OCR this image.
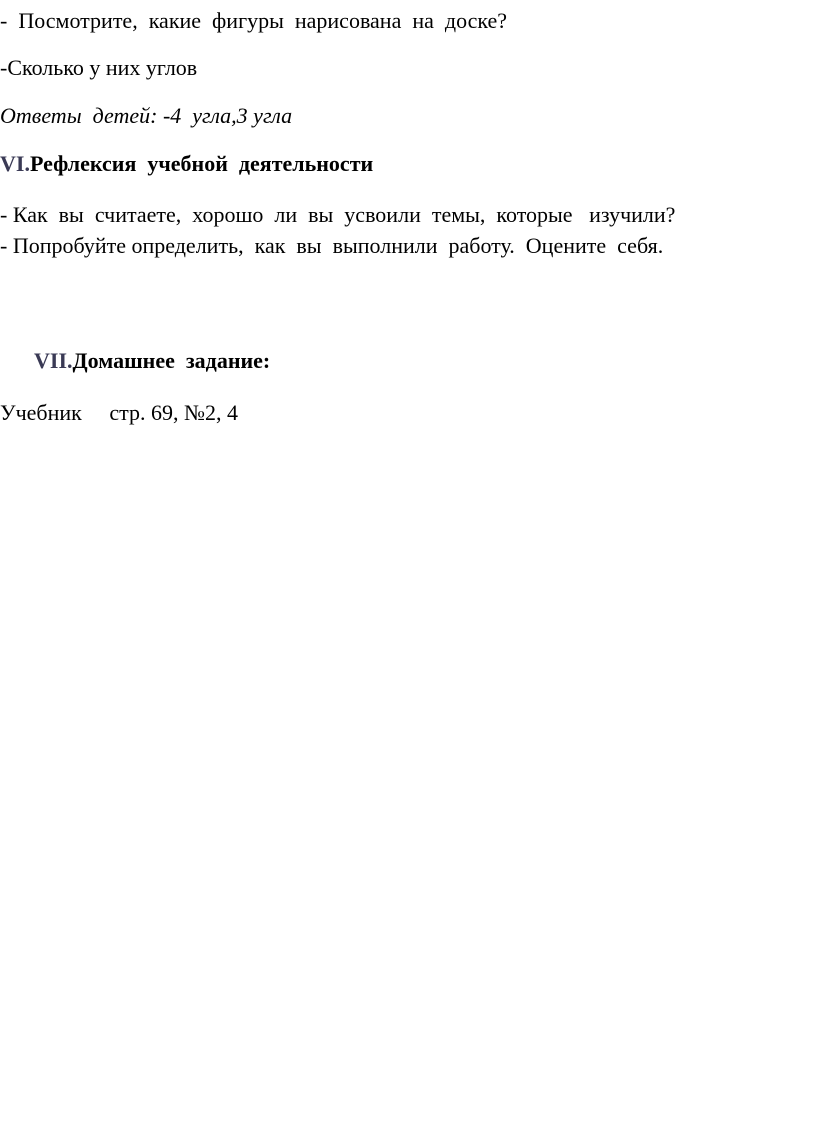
-  Посмотрите,  какие  фигуры  нарисована  на  доске?
-Сколько у них углов
Ответы  детей: -4  угла,3 угла
VI.Рефлексия  учебной  деятельности
- Как  вы  считаете,  хорошо  ли  вы  усвоили  темы,  которые   изучили?
- Попробуйте определить,  как  вы  выполнили  работу.  Оцените  себя.
VII.Домашнее  задание:
Учебник     стр. 69, №2, 4
